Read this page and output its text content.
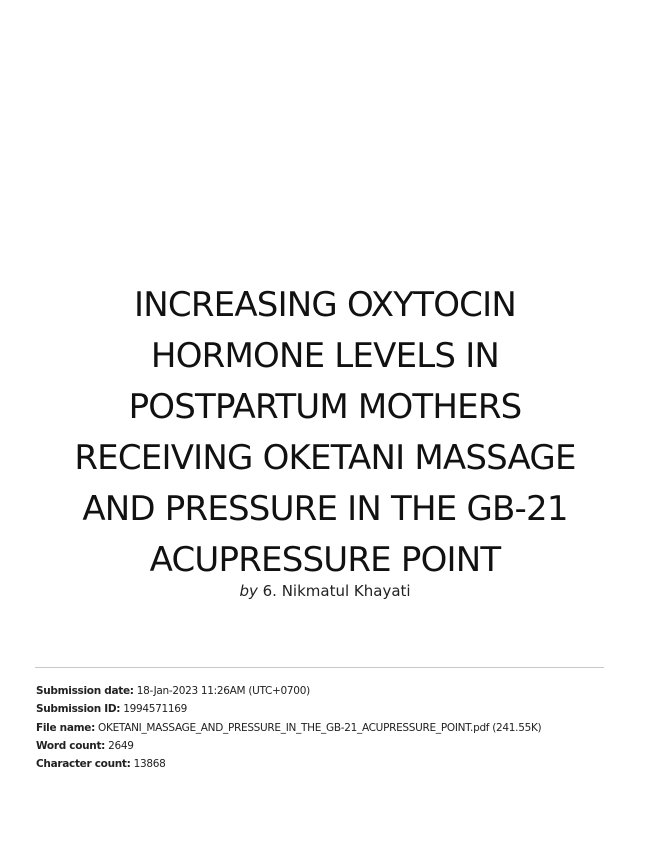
INCREASING OXYTOCIN
HORMONE LEVELS IN
POSTPARTUM MOTHERS
RECEIVING OKETANI MASSAGE
AND PRESSURE IN THE GB-21
ACUPRESSURE POINT
by 6. Nikmatul Khayati
Submission date: 18-Jan-2023 11:26AM (UTC+0700)
Submission ID: 1994571169
File name: OKETANI_MASSAGE_AND_PRESSURE_IN_THE_GB-21_ACUPRESSURE_POINT.pdf (241.55K)
Word count: 2649
Character count: 13868
